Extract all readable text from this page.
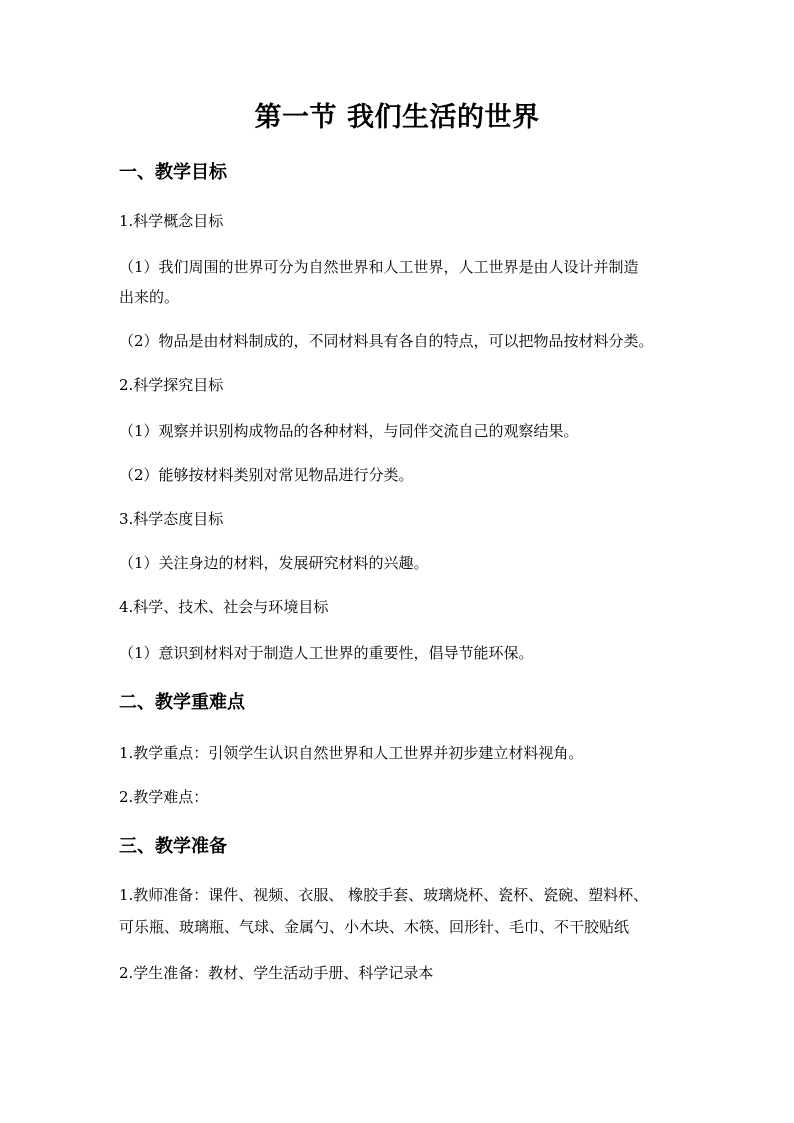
第一节 我们生活的世界
一、教学目标
1.科学概念目标
（1）我们周围的世界可分为自然世界和人工世界，人工世界是由人设计并制造
出来的。
（2）物品是由材料制成的，不同材料具有各自的特点，可以把物品按材料分类。
2.科学探究目标
（1）观察并识别构成物品的各种材料，与同伴交流自己的观察结果。
（2）能够按材料类别对常见物品进行分类。
3.科学态度目标
（1）关注身边的材料，发展研究材料的兴趣。
4.科学、技术、社会与环境目标
（1）意识到材料对于制造人工世界的重要性，倡导节能环保。
二、教学重难点
1.教学重点：引领学生认识自然世界和人工世界并初步建立材料视角。
2.教学难点：
三、教学准备
1.教师准备：课件、视频、衣服、 橡胶手套、玻璃烧杯、瓷杯、瓷碗、塑料杯、
可乐瓶、玻璃瓶、气球、金属勺、小木块、木筷、回形针、毛巾、不干胶贴纸
2.学生准备：教材、学生活动手册、科学记录本
